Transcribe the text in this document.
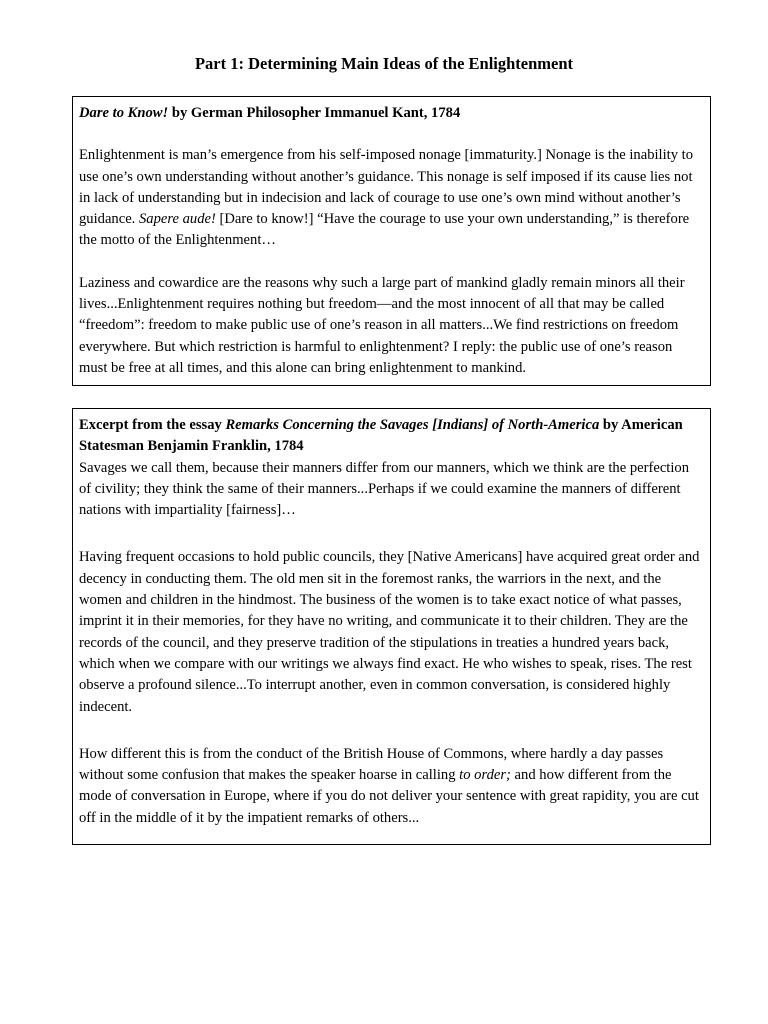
Part 1: Determining Main Ideas of the Enlightenment

Dare to Know! by German Philosopher Immanuel Kant, 1784

Enlightenment is man’s emergence from his self-imposed nonage [immaturity.] Nonage is the inability to use one’s own understanding without another’s guidance. This nonage is self imposed if its cause lies not in lack of understanding but in indecision and lack of courage to use one’s own mind without another’s guidance. Sapere aude! [Dare to know!] “Have the courage to use your own understanding,” is therefore the motto of the Enlightenment…

Laziness and cowardice are the reasons why such a large part of mankind gladly remain minors all their lives...Enlightenment requires nothing but freedom—and the most innocent of all that may be called “freedom”: freedom to make public use of one’s reason in all matters...We find restrictions on freedom everywhere. But which restriction is harmful to enlightenment? I reply: the public use of one’s reason must be free at all times, and this alone can bring enlightenment to mankind.

Excerpt from the essay Remarks Concerning the Savages [Indians] of North-America by American Statesman Benjamin Franklin, 1784

Savages we call them, because their manners differ from our manners, which we think are the perfection of civility; they think the same of their manners...Perhaps if we could examine the manners of different nations with impartiality [fairness]…

Having frequent occasions to hold public councils, they [Native Americans] have acquired great order and decency in conducting them. The old men sit in the foremost ranks, the warriors in the next, and the women and children in the hindmost. The business of the women is to take exact notice of what passes, imprint it in their memories, for they have no writing, and communicate it to their children. They are the records of the council, and they preserve tradition of the stipulations in treaties a hundred years back, which when we compare with our writings we always find exact. He who wishes to speak, rises. The rest observe a profound silence...To interrupt another, even in common conversation, is considered highly indecent.

How different this is from the conduct of the British House of Commons, where hardly a day passes without some confusion that makes the speaker hoarse in calling to order; and how different from the mode of conversation in Europe, where if you do not deliver your sentence with great rapidity, you are cut off in the middle of it by the impatient remarks of others...
